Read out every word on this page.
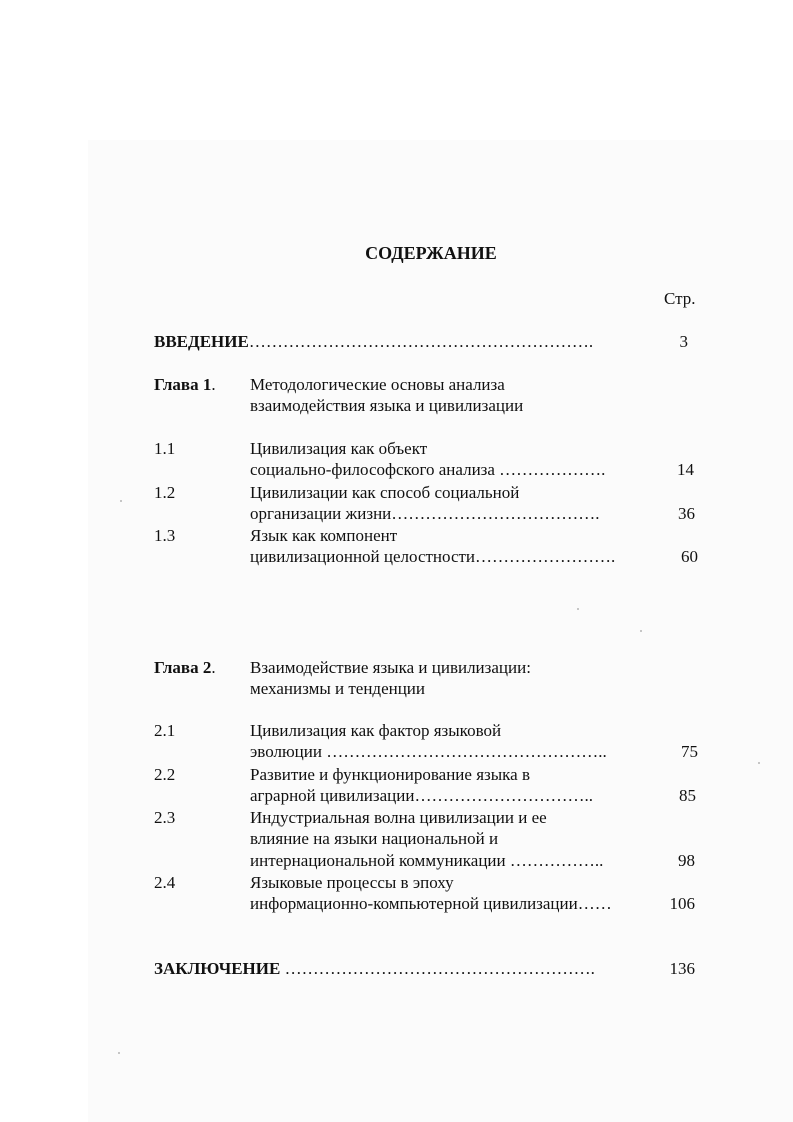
СОДЕРЖАНИЕ
Стр.
ВВЕДЕНИЕ…………………………………………………….	3
Глава 1. Методологические основы анализа
взаимодействия языка и цивилизации
1.1	Цивилизация как объект
социально-философского анализа ……………….	14
1.2	Цивилизации как способ социальной
организации жизни……………………………….	36
1.3	Язык как компонент
цивилизационной целостности…………………….	60
Глава 2. Взаимодействие языка и цивилизации:
механизмы и тенденции
2.1	Цивилизация как фактор языковой
эволюции …………………………………………..	75
2.2	Развитие и функционирование языка в
аграрной цивилизации…………………………..	85
2.3	Индустриальная волна цивилизации и ее
влияние на языки национальной и
интернациональной коммуникации ……………..	98
2.4	Языковые процессы в эпоху
информационно-компьютерной цивилизации……	106
ЗАКЛЮЧЕНИЕ ……………………………………………….	136
